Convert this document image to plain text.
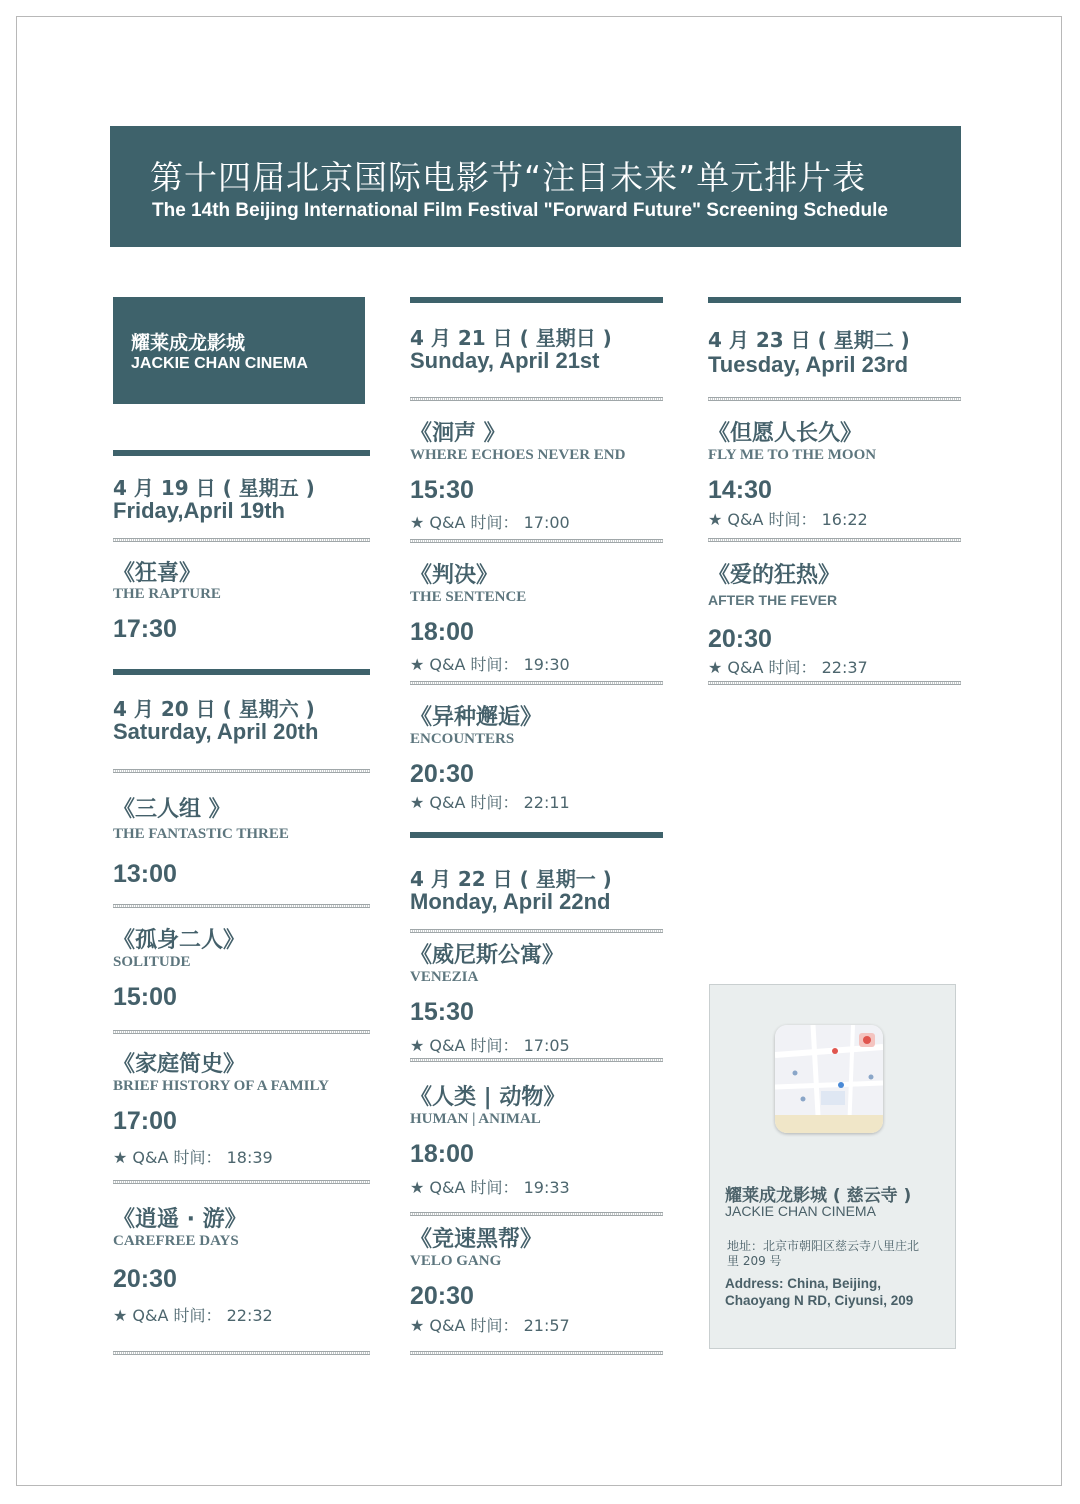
第十四届北京国际电影节“注目未来”单元排片表
The 14th Beijing International Film Festival "Forward Future" Screening Schedule
耀莱成龙影城
JACKIE CHAN CINEMA
4 月 19 日 ( 星期五 )
Friday,April 19th
《狂喜》
THE RAPTURE
17:30
4 月 20 日 ( 星期六 )
Saturday, April 20th
《三人组 》
THE FANTASTIC THREE
13:00
《孤身二人》
SOLITUDE
15:00
《家庭简史》
BRIEF HISTORY OF A FAMILY
17:00
★ Q&A 时间： 18:39
《逍遥 · 游》
CAREFREE DAYS
20:30
★ Q&A 时间： 22:32
4 月 21 日 ( 星期日 )
Sunday, April 21st
《洄声 》
WHERE ECHOES NEVER END
15:30
★ Q&A 时间： 17:00
《判决》
THE SENTENCE
18:00
★ Q&A 时间： 19:30
《异种邂逅》
ENCOUNTERS
20:30
★ Q&A 时间： 22:11
4 月 22 日 ( 星期一 )
Monday, April 22nd
《威尼斯公寓》
VENEZIA
15:30
★ Q&A 时间： 17:05
《人类 | 动物》
HUMAN | ANIMAL
18:00
★ Q&A 时间： 19:33
《竞速黑帮》
VELO GANG
20:30
★ Q&A 时间： 21:57
4 月 23 日 ( 星期二 )
Tuesday, April 23rd
《但愿人长久》
FLY ME TO THE MOON
14:30
★ Q&A 时间： 16:22
《爱的狂热》
AFTER THE FEVER
20:30
★ Q&A 时间： 22:37
耀莱成龙影城 ( 慈云寺 )
JACKIE CHAN CINEMA
地址：北京市朝阳区慈云寺八里庄北里 209 号
Address: China, Beijing, Chaoyang N RD, Ciyunsi, 209
